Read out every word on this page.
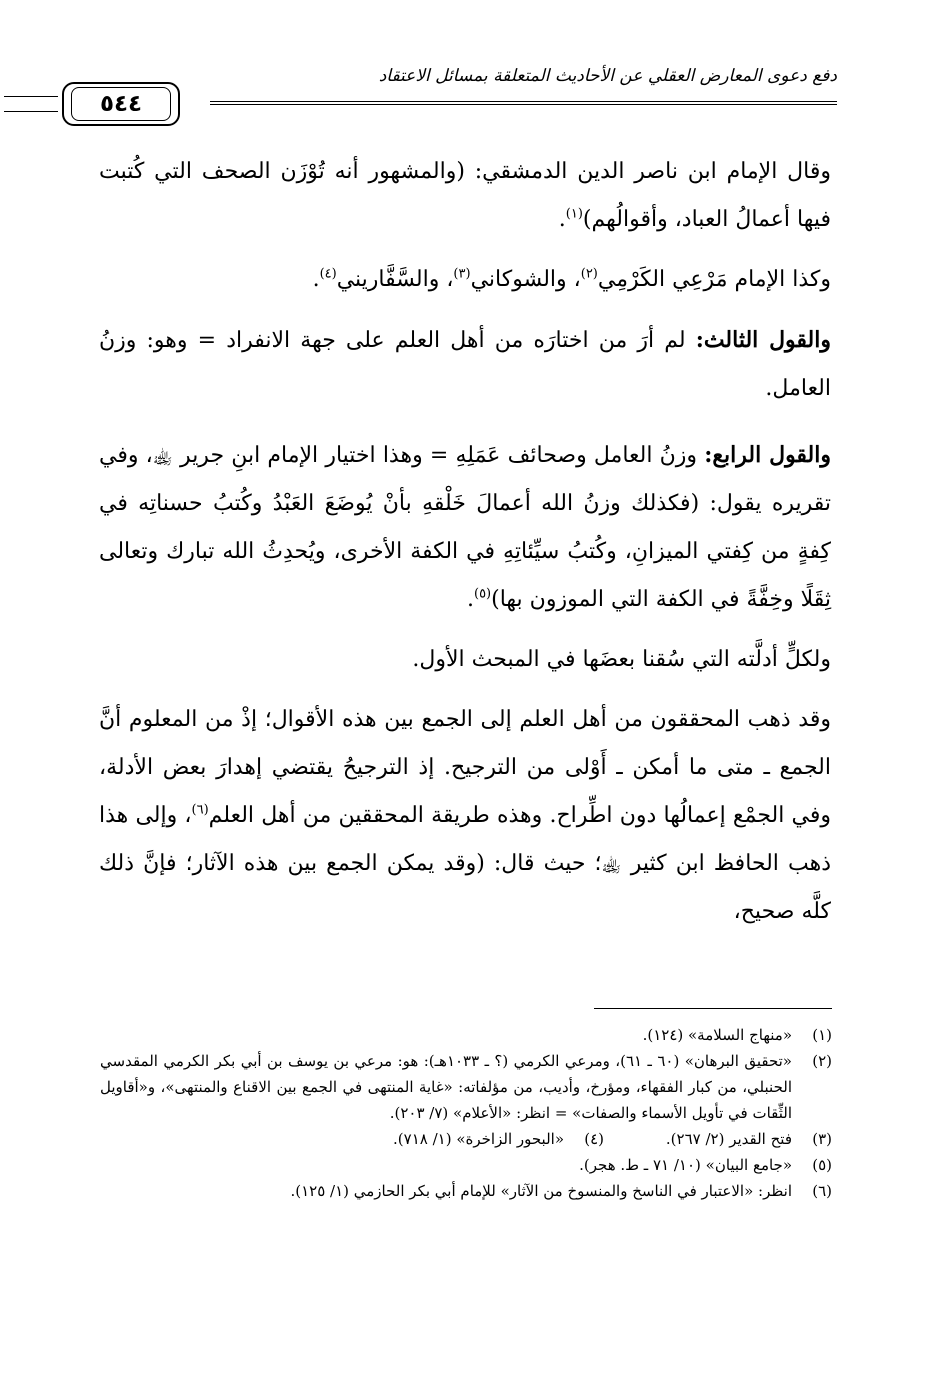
دفع دعوى المعارض العقلي عن الأحاديث المتعلقة بمسائل الاعتقاد
٥٤٤

وقال الإمام ابن ناصر الدين الدمشقي: (والمشهور أنه تُوْزَن الصحف التي كُتبت فيها أعمالُ العباد، وأقوالُهم)$^{(١)}$.

وكذا الإمام مَرْعِي الكَرْمِي$^{(٢)}$، والشوكاني$^{(٣)}$، والسَّفَّاريني$^{(٤)}$.

والقول الثالث: لم أرَ من اختارَه من أهل العلم على جهة الانفراد = وهو: وزنُ العامل.

والقول الرابع: وزنُ العامل وصحائف عَمَلِهِ = وهذا اختيار الإمام ابنِ جرير ﵀، وفي تقريره يقول: (فكذلك وزنُ الله أعمالَ خَلْقهِ بأنْ يُوضَعَ العَبْدُ وكُتبُ حسناتِه في كِفةٍ من كِفتي الميزانِ، وكُتبُ سيِّئاتِهِ في الكفة الأخرى، ويُحدِثُ الله تبارك وتعالى ثِقَلًا وخِفَّةً في الكفة التي الموزون بها)$^{(٥)}$.

ولكلٍّ أدلَّته التي سُقنا بعضَها في المبحث الأول.

وقد ذهب المحققون من أهل العلم إلى الجمع بين هذه الأقوال؛ إذْ من المعلوم أنَّ الجمع ـ متى ما أمكن ـ أَوْلى من الترجيح. إذ الترجيحُ يقتضي إهدارَ بعض الأدلة، وفي الجمْع إعمالُها دون اطِّراح. وهذه طريقة المحققين من أهل العلم$^{(٦)}$، وإلى هذا ذهب الحافظ ابن كثير ﵀؛ حيث قال: (وقد يمكن الجمع بين هذه الآثار؛ فإنَّ ذلك كلَّه صحيح،

(١)
«منهاج السلامة» (١٢٤).
(٢)
«تحقيق البرهان» (٦٠ ـ ٦١)، ومرعي الكرمي (؟ ـ ١٠٣٣هـ): هو: مرعي بن يوسف بن أبي بكر الكرمي المقدسي الحنبلي، من كبار الفقهاء، ومؤرخ، وأديب، من مؤلفاته: «غاية المنتهى في الجمع بين الاقناع والمنتهى»، و«أقاويل الثِّقات في تأويل الأسماء والصفات» = انظر: «الأعلام» (٧/ ٢٠٣).
(٣)
فتح القدير (٢/ ٢٦٧).
(٤)
«البحور الزاخرة» (١/ ٧١٨).
(٥)
«جامع البيان» (١٠/ ٧١ ـ ط. هجر).
(٦)
انظر: «الاعتبار في الناسخ والمنسوخ من الآثار» للإمام أبي بكر الحازمي (١/ ١٢٥).
